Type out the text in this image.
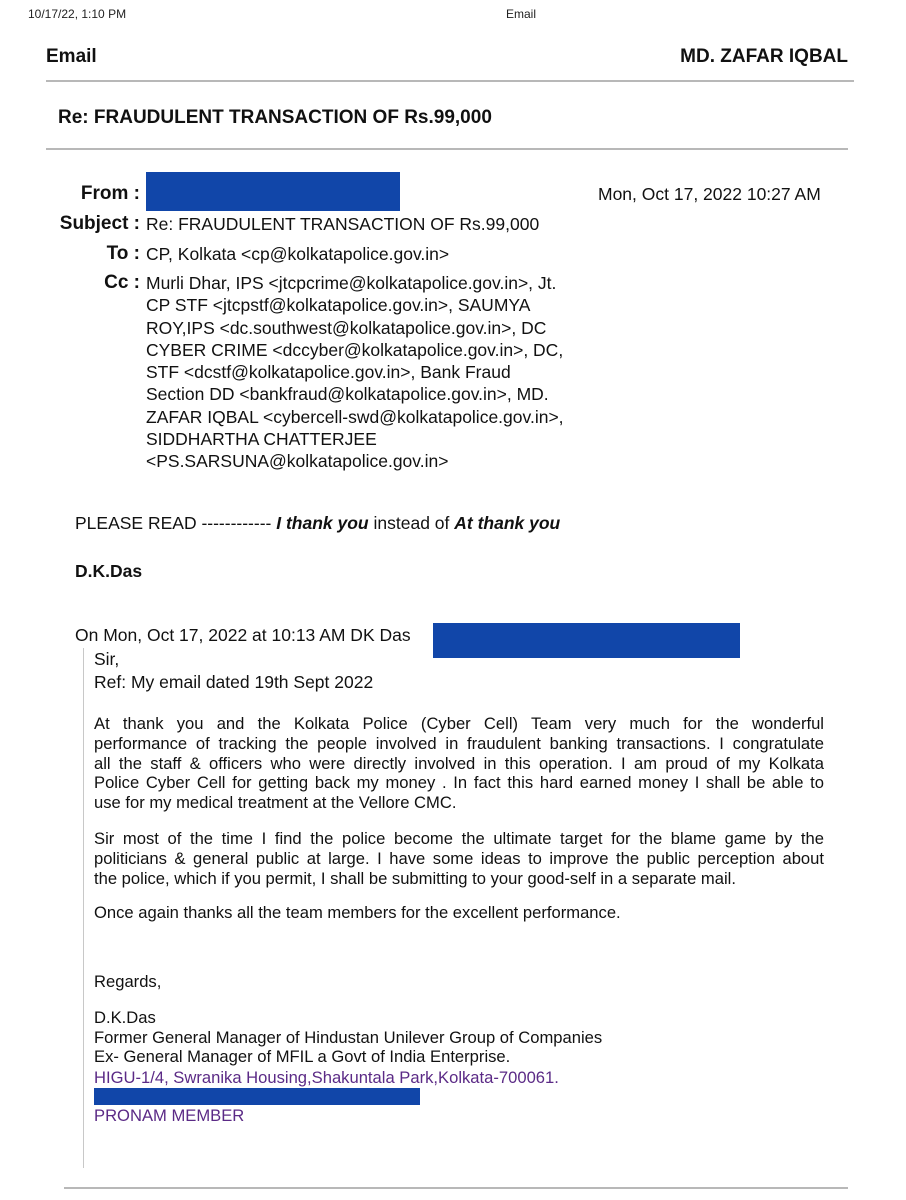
10/17/22, 1:10 PM	Email
Email	MD. ZAFAR IQBAL
Re: FRAUDULENT TRANSACTION OF Rs.99,000
From :	Mon, Oct 17, 2022 10:27 AM
Subject : Re: FRAUDULENT TRANSACTION OF Rs.99,000
To : CP, Kolkata <cp@kolkatapolice.gov.in>
Cc : Murli Dhar, IPS <jtcpcrime@kolkatapolice.gov.in>, Jt.
CP STF <jtcpstf@kolkatapolice.gov.in>, SAUMYA
ROY,IPS <dc.southwest@kolkatapolice.gov.in>, DC
CYBER CRIME <dccyber@kolkatapolice.gov.in>, DC,
STF <dcstf@kolkatapolice.gov.in>, Bank Fraud
Section DD <bankfraud@kolkatapolice.gov.in>, MD.
ZAFAR IQBAL <cybercell-swd@kolkatapolice.gov.in>,
SIDDHARTHA CHATTERJEE
<PS.SARSUNA@kolkatapolice.gov.in>
PLEASE READ ------------ I thank you instead of At thank you
D.K.Das
On Mon, Oct 17, 2022 at 10:13 AM DK Das
Sir,
Ref: My email dated 19th Sept 2022
At thank you and the Kolkata Police (Cyber Cell) Team very much for the wonderful
performance of tracking the people involved in fraudulent banking transactions. I congratulate
all the staff & officers who were directly involved in this operation. I am proud of my Kolkata
Police Cyber Cell for getting back my money . In fact this hard earned money I shall be able to
use for my medical treatment at the Vellore CMC.
Sir most of the time I find the police become the ultimate target for the blame game by the
politicians & general public at large. I have some ideas to improve the public perception about
the police, which if you permit, I shall be submitting to your good-self in a separate mail.
Once again thanks all the team members for the excellent performance.
Regards,
D.K.Das
Former General Manager of Hindustan Unilever Group of Companies
Ex- General Manager of MFIL a Govt of India Enterprise.
HIGU-1/4, Swranika Housing,Shakuntala Park,Kolkata-700061.
PRONAM MEMBER
